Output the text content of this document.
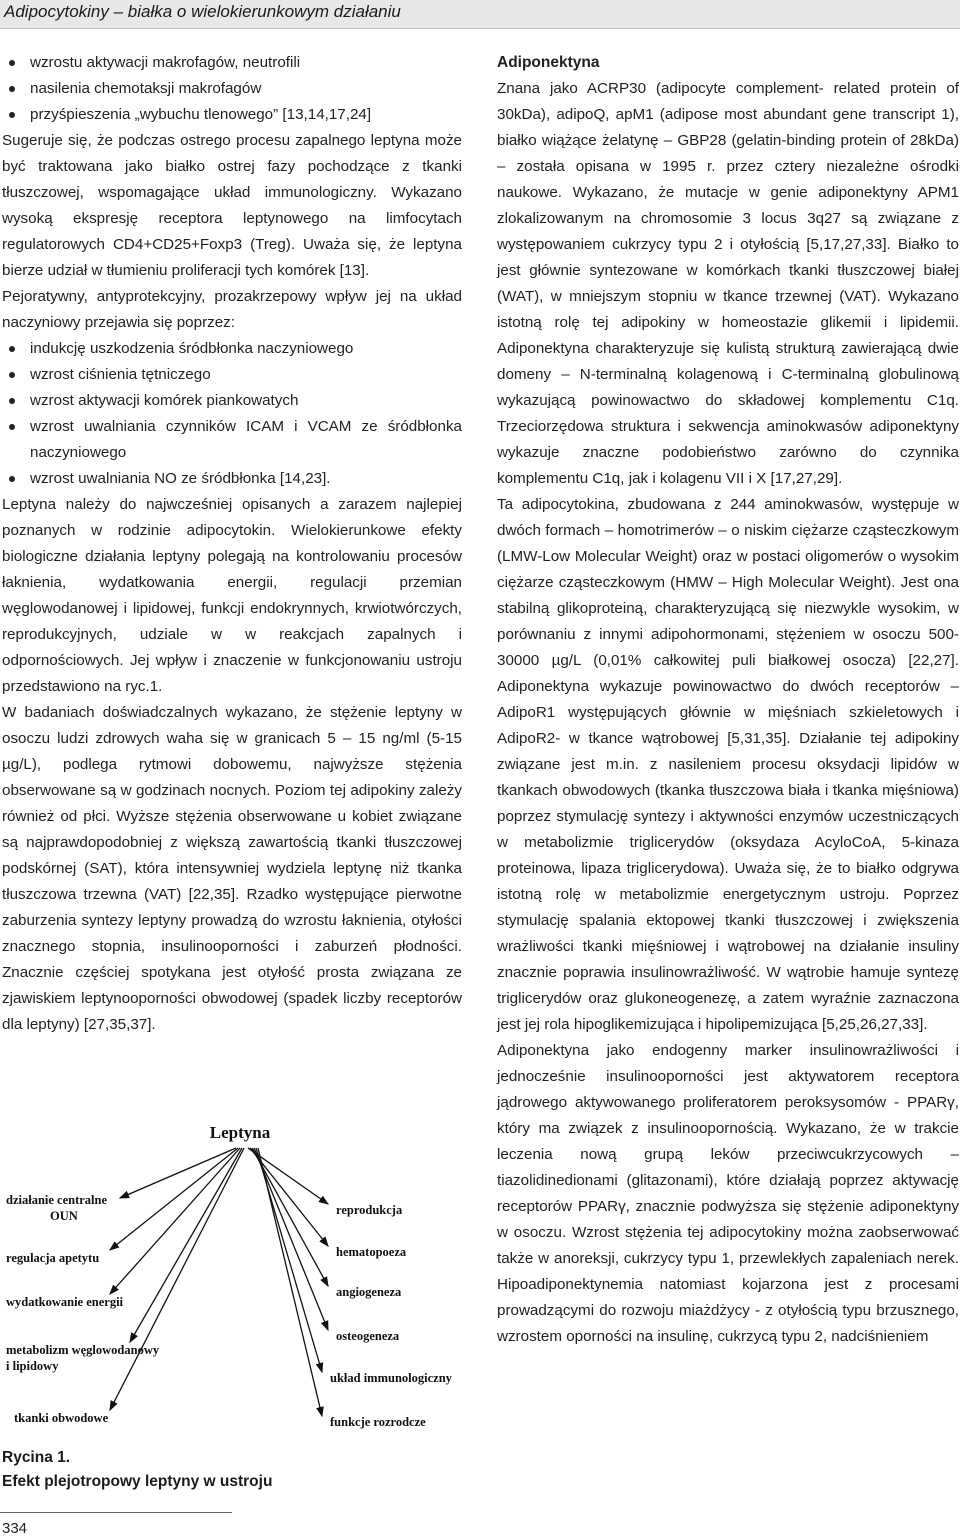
Adipocytokiny – białka o wielokierunkowym działaniu
wzrostu aktywacji makrofagów, neutrofili
nasilenia chemotaksji makrofagów
przyśpieszenia „wybuchu tlenowego” [13,14,17,24]

Sugeruje się, że podczas ostrego procesu zapalnego leptyna może być traktowana jako białko ostrej fazy pochodzące z tkanki tłuszczowej, wspomagające układ immunologiczny. Wykazano wysoką ekspresję receptora leptynowego na limfocytach regulatorowych CD4+CD25+Foxp3 (Treg). Uważa się, że leptyna bierze udział w tłumieniu proliferacji tych komórek [13].

Pejoratywny, antyprotekcyjny, prozakrzepowy wpływ jej na układ naczyniowy przejawia się poprzez:

indukcję uszkodzenia śródbłonka naczyniowego
wzrost ciśnienia tętniczego
wzrost aktywacji komórek piankowatych
wzrost uwalniania czynników ICAM i VCAM ze śródbłonka naczyniowego
wzrost uwalniania NO ze śródbłonka [14,23].

Leptyna należy do najwcześniej opisanych a zarazem najlepiej poznanych w rodzinie adipocytokin. Wielokierunkowe efekty biologiczne działania leptyny polegają na kontrolowaniu procesów łaknienia, wydatkowania energii, regulacji przemian węglowodanowej i lipidowej, funkcji endokrynnych, krwiotwórczych, reprodukcyjnych, udziale w w reakcjach zapalnych i odpornościowych. Jej wpływ i znaczenie w funkcjonowaniu ustroju przedstawiono na ryc.1.

W badaniach doświadczalnych wykazano, że stężenie leptyny w osoczu ludzi zdrowych waha się w granicach 5 – 15 ng/ml (5-15 µg/L), podlega rytmowi dobowemu, najwyższe stężenia obserwowane są w godzinach nocnych. Poziom tej adipokiny zależy również od płci. Wyższe stężenia obserwowane u kobiet związane są najprawdopodobniej z większą zawartością tkanki tłuszczowej podskórnej (SAT), która intensywniej wydziela leptynę niż tkanka tłuszczowa trzewna (VAT) [22,35]. Rzadko występujące pierwotne zaburzenia syntezy leptyny prowadzą do wzrostu łaknienia, otyłości znacznego stopnia, insulinooporności i zaburzeń płodności. Znacznie częściej spotykana jest otyłość prosta związana ze zjawiskiem leptynooporności obwodowej (spadek liczby receptorów dla leptyny) [27,35,37].

Leptyna
działanie centralne
OUN
regulacja apetytu
wydatkowanie energii
metabolizm węglowodanowy
i lipidowy
tkanki obwodowe
reprodukcja
hematopoeza
angiogeneza
osteogeneza
układ immunologiczny
funkcje rozrodcze
Rycina 1.
Efekt plejotropowy leptyny w ustroju
Adiponektyna

Znana jako ACRP30 (adipocyte complement- related protein of 30kDa), adipoQ, apM1 (adipose most abundant gene transcript 1), białko wiążące żelatynę – GBP28 (gelatin-binding protein of 28kDa) – została opisana w 1995 r. przez cztery niezależne ośrodki naukowe. Wykazano, że mutacje w genie adiponektyny APM1 zlokalizowanym na chromosomie 3 locus 3q27 są związane z występowaniem cukrzycy typu 2 i otyłością [5,17,27,33]. Białko to jest głównie syntezowane w komórkach tkanki tłuszczowej białej (WAT), w mniejszym stopniu w tkance trzewnej (VAT). Wykazano istotną rolę tej adipokiny w homeostazie glikemii i lipidemii. Adiponektyna charakteryzuje się kulistą strukturą zawierającą dwie domeny – N-terminalną kolagenową i C-terminalną globulinową wykazującą powinowactwo do składowej komplementu C1q. Trzeciorzędowa struktura i sekwencja aminokwasów adiponektyny wykazuje znaczne podobieństwo zarówno do czynnika komplementu C1q, jak i kolagenu VII i X [17,27,29].

Ta adipocytokina, zbudowana z 244 aminokwasów, występuje w dwóch formach – homotrimerów – o niskim ciężarze cząsteczkowym (LMW-Low Molecular Weight) oraz w postaci oligomerów o wysokim ciężarze cząsteczkowym (HMW – High Molecular Weight). Jest ona stabilną glikoproteiną, charakteryzującą się niezwykle wysokim, w porównaniu z innymi adipohormonami, stężeniem w osoczu 500-30000 µg/L (0,01% całkowitej puli białkowej osocza) [22,27]. Adiponektyna wykazuje powinowactwo do dwóch receptorów – AdipoR1 występujących głównie w mięśniach szkieletowych i AdipoR2- w tkance wątrobowej [5,31,35]. Działanie tej adipokiny związane jest m.in. z nasileniem procesu oksydacji lipidów w tkankach obwodowych (tkanka tłuszczowa biała i tkanka mięśniowa) poprzez stymulację syntezy i aktywności enzymów uczestniczących w metabolizmie triglicerydów (oksydaza AcyloCoA, 5-kinaza proteinowa, lipaza triglicerydowa). Uważa się, że to białko odgrywa istotną rolę w metabolizmie energetycznym ustroju. Poprzez stymulację spalania ektopowej tkanki tłuszczowej i zwiększenia wrażliwości tkanki mięśniowej i wątrobowej na działanie insuliny znacznie poprawia insulinowrażliwość. W wątrobie hamuje syntezę triglicerydów oraz glukoneogenezę, a zatem wyraźnie zaznaczona jest jej rola hipoglikemizująca i hipolipemizująca [5,25,26,27,33].

Adiponektyna jako endogenny marker insulinowrażliwości i jednocześnie insulinooporności jest aktywatorem receptora jądrowego aktywowanego proliferatorem peroksysomów - PPARγ, który ma związek z insulinoopornością. Wykazano, że w trakcie leczenia nową grupą leków przeciwcukrzycowych – tiazolidinedionami (glitazonami), które działają poprzez aktywację receptorów PPARγ, znacznie podwyższa się stężenie adiponektyny w osoczu. Wzrost stężenia tej adipocytokiny można zaobserwować także w anoreksji, cukrzycy typu 1, przewlekłych zapaleniach nerek. Hipoadiponektynemia natomiast kojarzona jest z procesami prowadzącymi do rozwoju miażdżycy - z otyłością typu brzusznego, wzrostem oporności na insulinę, cukrzycą typu 2, nadciśnieniem

334
